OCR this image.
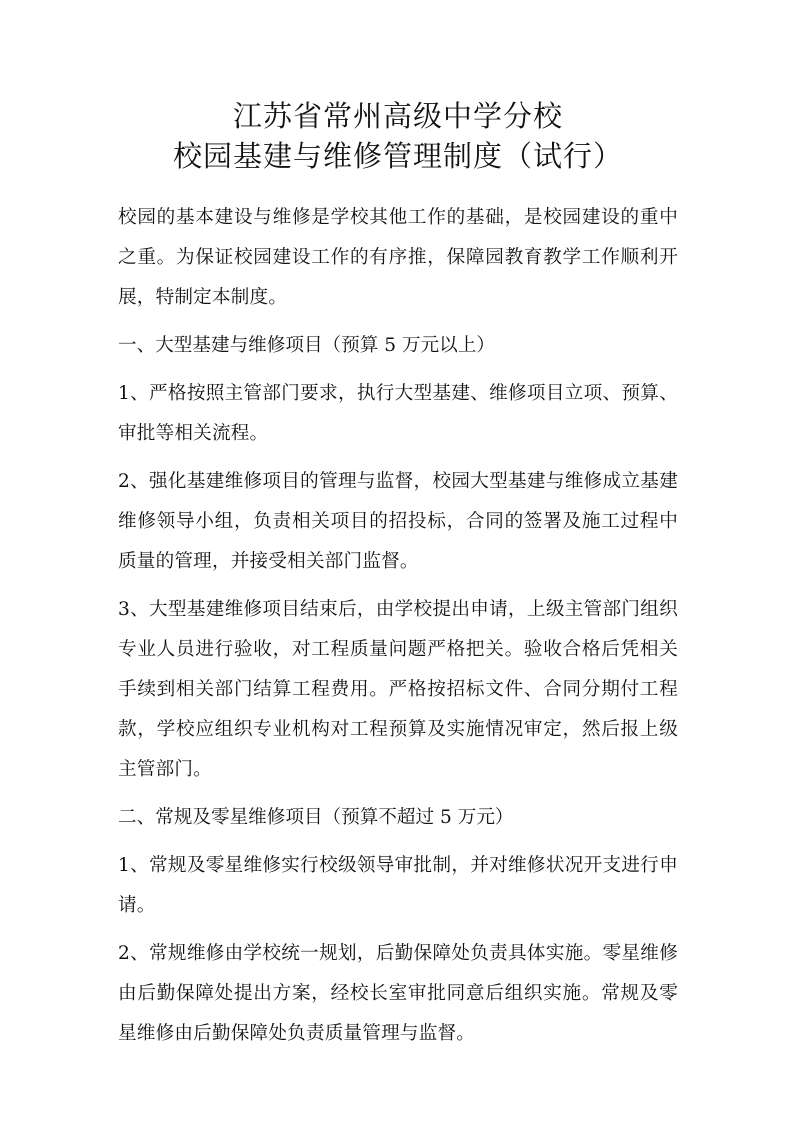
江苏省常州高级中学分校
校园基建与维修管理制度（试行）

校园的基本建设与维修是学校其他工作的基础，是校园建设的重中之重。为保证校园建设工作的有序推，保障园教育教学工作顺利开展，特制定本制度。

一、大型基建与维修项目（预算 5 万元以上）

1、严格按照主管部门要求，执行大型基建、维修项目立项、预算、审批等相关流程。

2、强化基建维修项目的管理与监督，校园大型基建与维修成立基建维修领导小组，负责相关项目的招投标，合同的签署及施工过程中质量的管理，并接受相关部门监督。

3、大型基建维修项目结束后，由学校提出申请，上级主管部门组织专业人员进行验收，对工程质量问题严格把关。验收合格后凭相关手续到相关部门结算工程费用。严格按招标文件、合同分期付工程款，学校应组织专业机构对工程预算及实施情况审定，然后报上级主管部门。

二、常规及零星维修项目（预算不超过 5 万元）

1、常规及零星维修实行校级领导审批制，并对维修状况开支进行申请。

2、常规维修由学校统一规划，后勤保障处负责具体实施。零星维修由后勤保障处提出方案，经校长室审批同意后组织实施。常规及零星维修由后勤保障处负责质量管理与监督。
